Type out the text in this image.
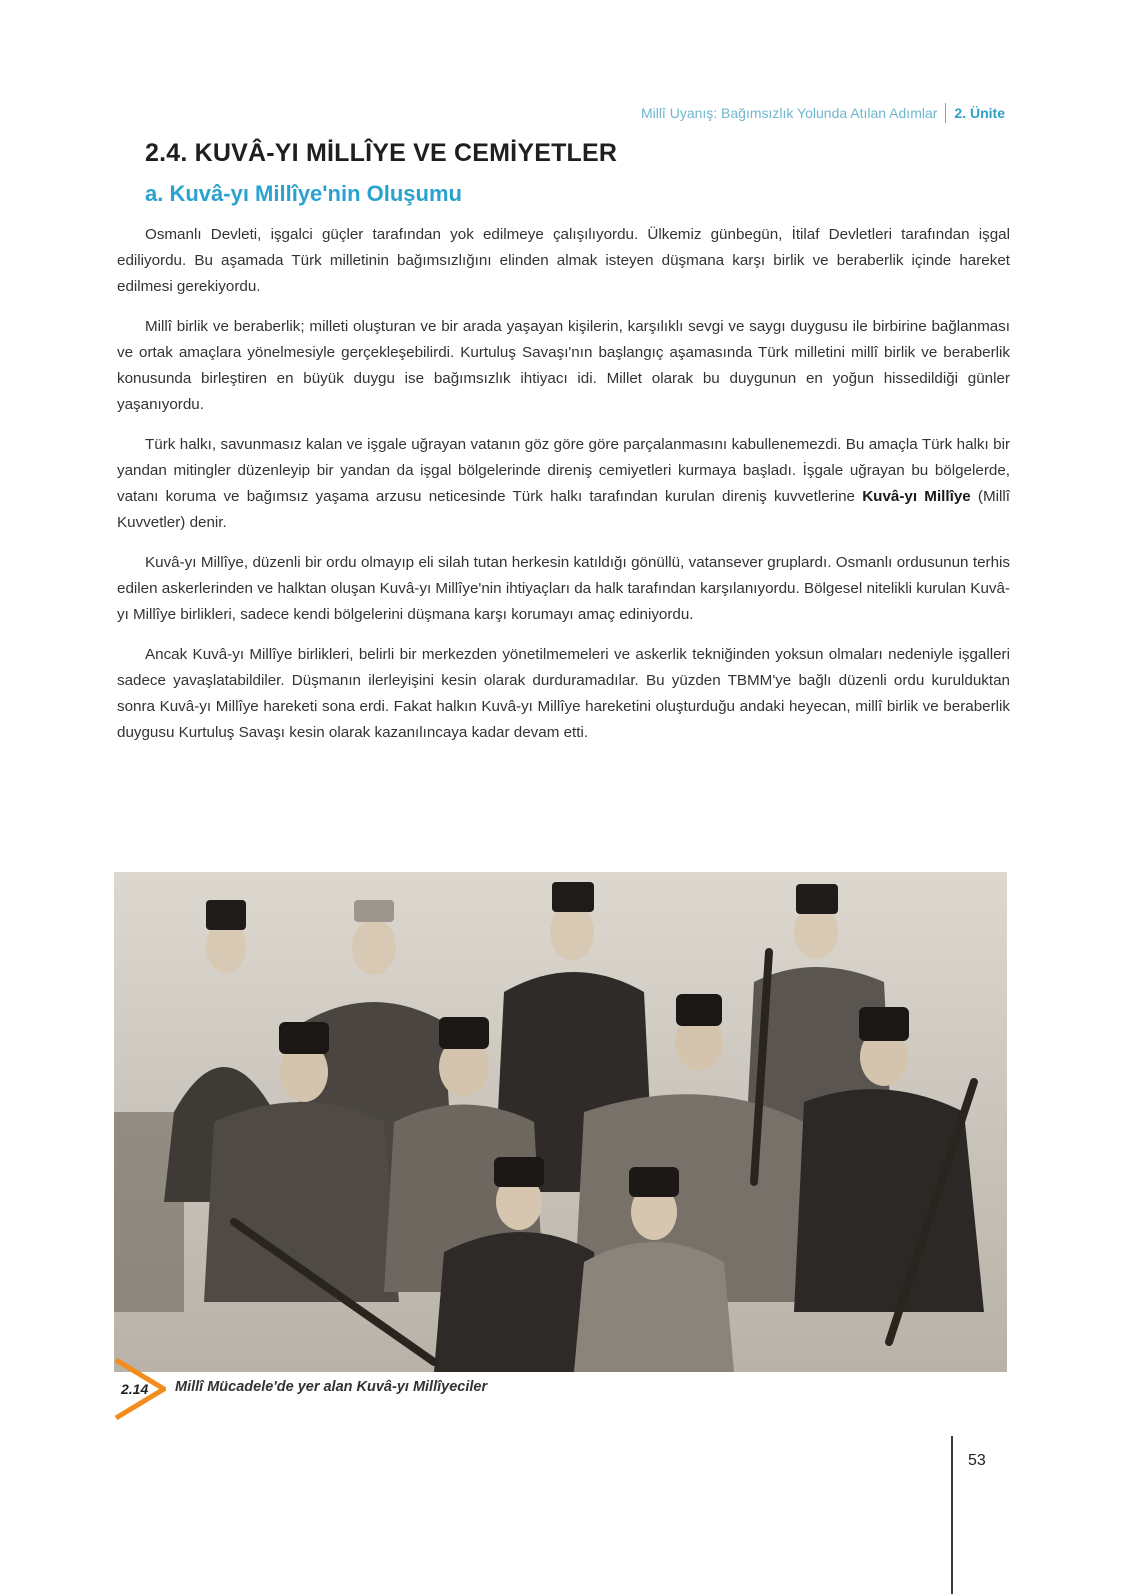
Millî Uyanış: Bağımsızlık Yolunda Atılan Adımlar 2. Ünite
2.4. KUVÂ-YI MİLLÎYE VE CEMİYETLER
a. Kuvâ-yı Millîye'nin Oluşumu

Osmanlı Devleti, işgalci güçler tarafından yok edilmeye çalışılıyordu. Ülkemiz günbegün, İtilaf Devletleri tarafından işgal ediliyordu. Bu aşamada Türk milletinin bağımsızlığını elinden almak isteyen düşmana karşı birlik ve beraberlik içinde hareket edilmesi gerekiyordu.

Millî birlik ve beraberlik; milleti oluşturan ve bir arada yaşayan kişilerin, karşılıklı sevgi ve saygı duygusu ile birbirine bağlanması ve ortak amaçlara yönelmesiyle gerçekleşebilirdi. Kurtuluş Savaşı'nın başlangıç aşamasında Türk milletini millî birlik ve beraberlik konusunda birleştiren en büyük duygu ise bağımsızlık ihtiyacı idi. Millet olarak bu duygunun en yoğun hissedildiği günler yaşanıyordu.

Türk halkı, savunmasız kalan ve işgale uğrayan vatanın göz göre göre parçalanmasını kabullenemezdi. Bu amaçla Türk halkı bir yandan mitingler düzenleyip bir yandan da işgal bölgelerinde direniş cemiyetleri kurmaya başladı. İşgale uğrayan bu bölgelerde, vatanı koruma ve bağımsız yaşama arzusu neticesinde Türk halkı tarafından kurulan direniş kuvvetlerine Kuvâ-yı Millîye (Millî Kuvvetler) denir.

Kuvâ-yı Millîye, düzenli bir ordu olmayıp eli silah tutan herkesin katıldığı gönüllü, vatansever gruplardı. Osmanlı ordusunun terhis edilen askerlerinden ve halktan oluşan Kuvâ-yı Millîye'nin ihtiyaçları da halk tarafından karşılanıyordu. Bölgesel nitelikli kurulan Kuvâ-yı Millîye birlikleri, sadece kendi bölgelerini düşmana karşı korumayı amaç ediniyordu.

Ancak Kuvâ-yı Millîye birlikleri, belirli bir merkezden yönetilmemeleri ve askerlik tekniğinden yoksun olmaları nedeniyle işgalleri sadece yavaşlatabildiler. Düşmanın ilerleyişini kesin olarak durduramadılar. Bu yüzden TBMM'ye bağlı düzenli ordu kurulduktan sonra Kuvâ-yı Millîye hareketi sona erdi. Fakat halkın Kuvâ-yı Millîye hareketini oluşturduğu andaki heyecan, millî birlik ve beraberlik duygusu Kurtuluş Savaşı kesin olarak kazanılıncaya kadar devam etti.

2.14 Millî Mücadele'de yer alan Kuvâ-yı Millîyeciler
53
